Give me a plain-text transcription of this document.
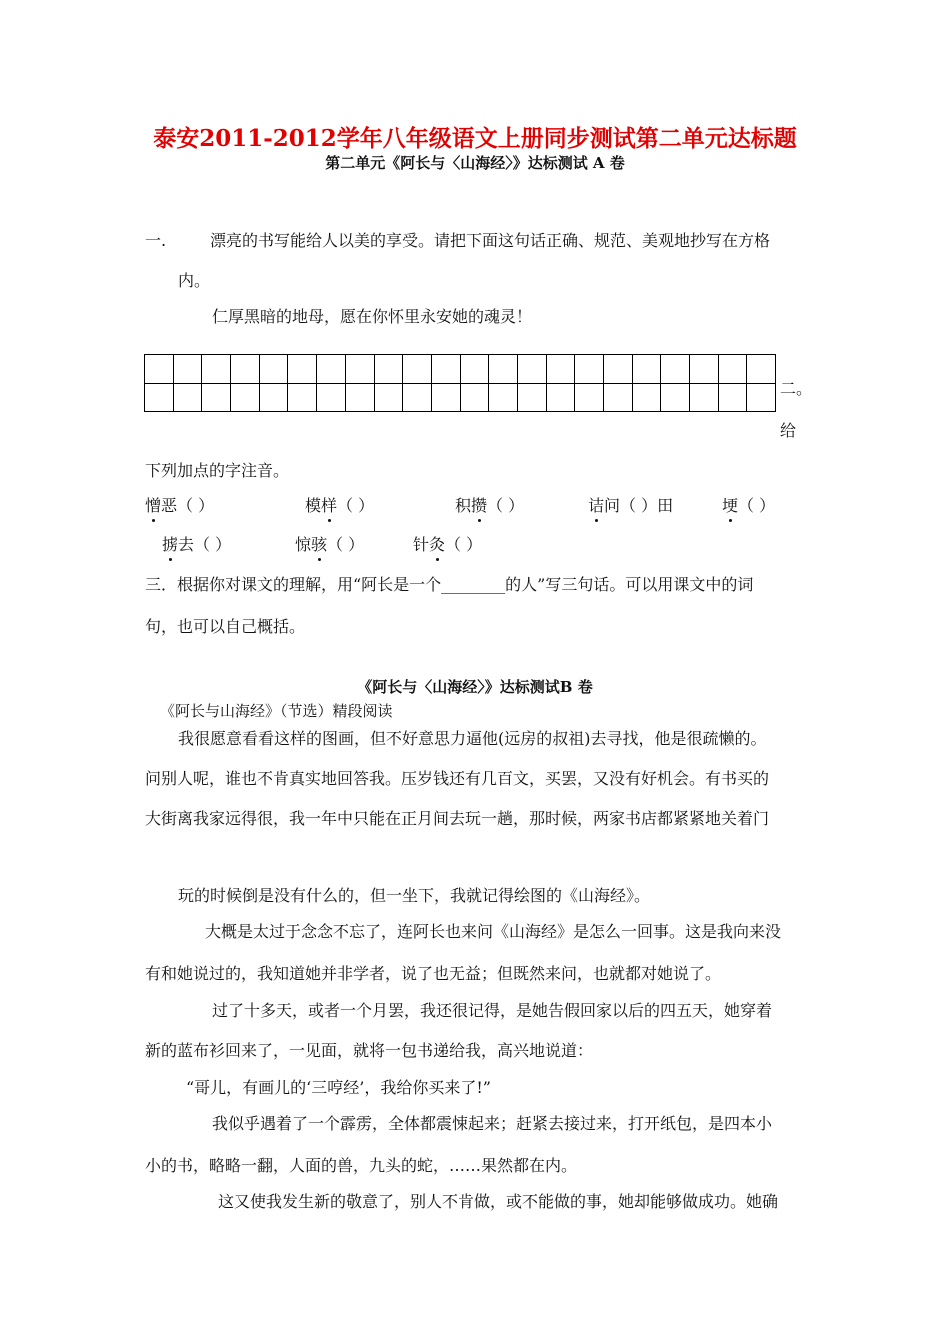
泰安2011-2012学年八年级语文上册同步测试第二单元达标题
第二单元《阿长与〈山海经〉》达标测试 A 卷
一.	漂亮的书写能给人以美的享受。请把下面这句话正确、规范、美观地抄写在方格
内。
仁厚黑暗的地母，愿在你怀里永安她的魂灵！

二。
给
下列加点的字注音。
憎恶（ ）	模样（ ）	积攒（ ）	诘问（ ）田	埂（ ）
掳去（ ）	惊骇（ ）	针灸（ ）
三．根据你对课文的理解，用“阿长是一个________的人”写三句话。可以用课文中的词
句，也可以自己概括。
《阿长与〈山海经〉》达标测试B 卷
《阿长与山海经》（节选）精段阅读
我很愿意看看这样的图画，但不好意思力逼他(远房的叔祖)去寻找，他是很疏懒的。
问别人呢，谁也不肯真实地回答我。压岁钱还有几百文，买罢，又没有好机会。有书买的
大街离我家远得很，我一年中只能在正月间去玩一趟，那时候，两家书店都紧紧地关着门
玩的时候倒是没有什么的，但一坐下，我就记得绘图的《山海经》。
大概是太过于念念不忘了，连阿长也来问《山海经》是怎么一回事。这是我向来没
有和她说过的，我知道她并非学者，说了也无益；但既然来问，也就都对她说了。
过了十多天，或者一个月罢，我还很记得，是她告假回家以后的四五天，她穿着
新的蓝布衫回来了，一见面，就将一包书递给我，高兴地说道：
“哥儿，有画儿的‘三哼经’，我给你买来了!”
我似乎遇着了一个霹雳，全体都震悚起来；赶紧去接过来，打开纸包，是四本小
小的书，略略一翻，人面的兽，九头的蛇，……果然都在内。
这又使我发生新的敬意了，别人不肯做，或不能做的事，她却能够做成功。她确
